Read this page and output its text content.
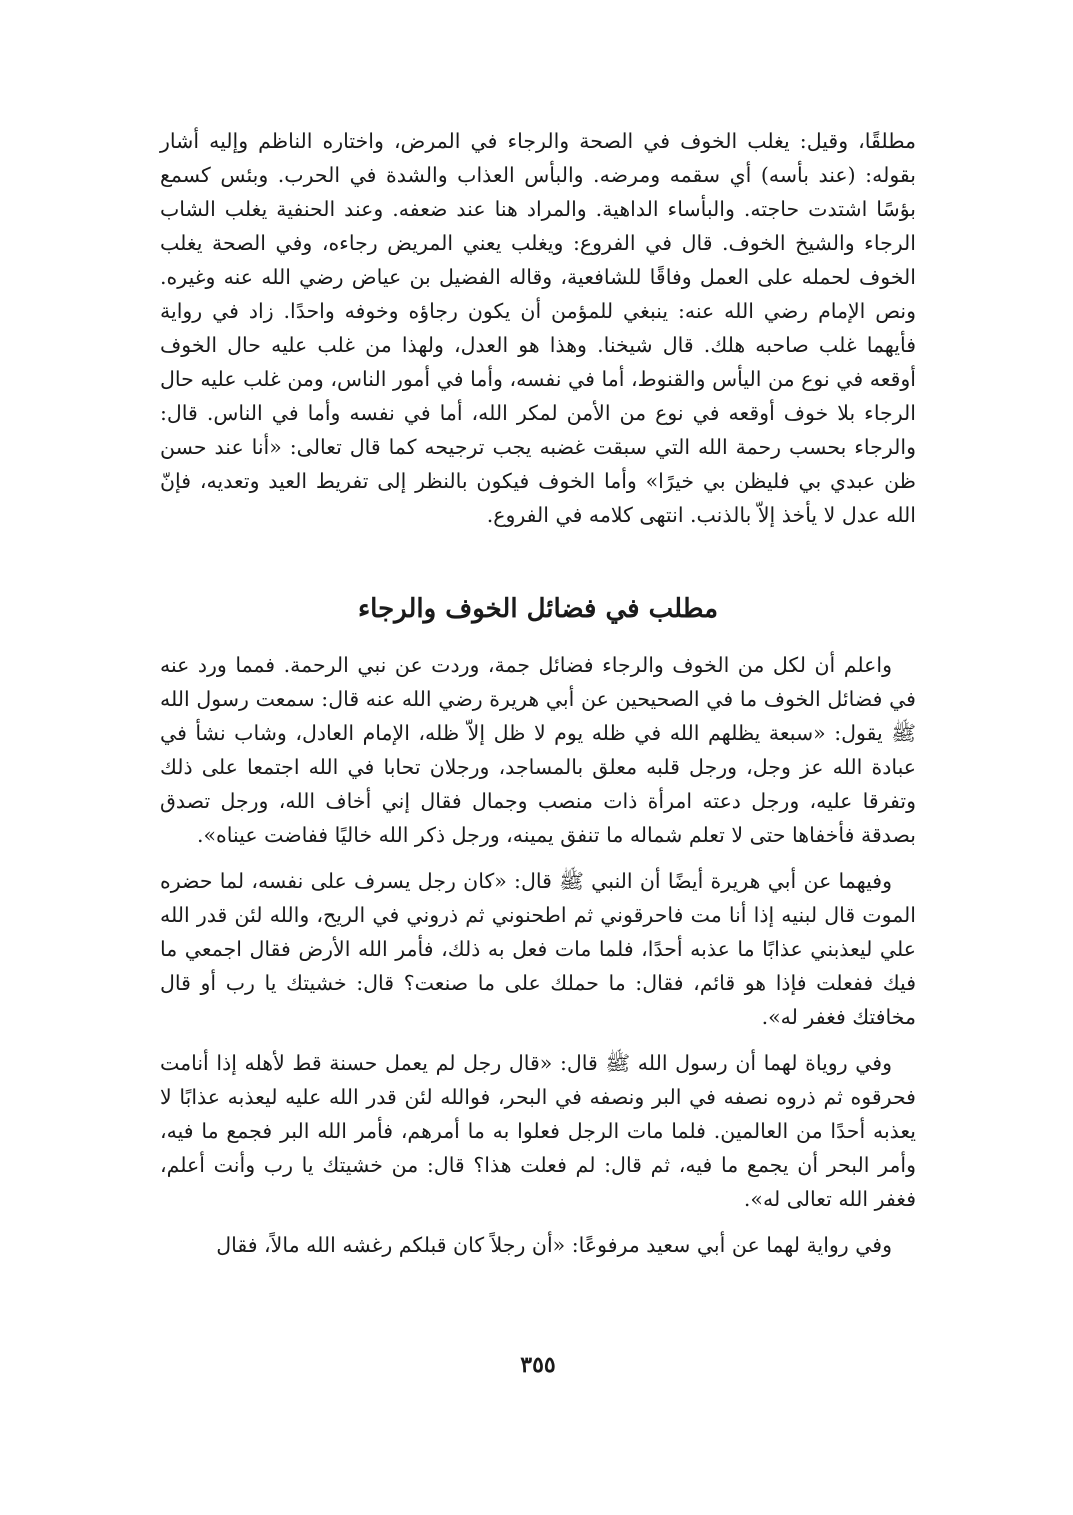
مطلقًا، وقيل: يغلب الخوف في الصحة والرجاء في المرض، واختاره الناظم وإليه أشار بقوله: (عند بأسه) أي سقمه ومرضه. والبأس العذاب والشدة في الحرب. وبئس كسمع بؤسًا اشتدت حاجته. والبأساء الداهية. والمراد هنا عند ضعفه. وعند الحنفية يغلب الشاب الرجاء والشيخ الخوف. قال في الفروع: ويغلب يعني المريض رجاءه، وفي الصحة يغلب الخوف لحمله على العمل وفاقًا للشافعية، وقاله الفضيل بن عياض رضي الله عنه وغيره. ونص الإمام رضي الله عنه: ينبغي للمؤمن أن يكون رجاؤه وخوفه واحدًا. زاد في رواية فأيهما غلب صاحبه هلك. قال شيخنا. وهذا هو العدل، ولهذا من غلب عليه حال الخوف أوقعه في نوع من اليأس والقنوط، أما في نفسه، وأما في أمور الناس، ومن غلب عليه حال الرجاء بلا خوف أوقعه في نوع من الأمن لمكر الله، أما في نفسه وأما في الناس. قال: والرجاء بحسب رحمة الله التي سبقت غضبه يجب ترجيحه كما قال تعالى: «أنا عند حسن ظن عبدي بي فليظن بي خيرًا» وأما الخوف فيكون بالنظر إلى تفريط العيد وتعديه، فإنّ الله عدل لا يأخذ إلاّ بالذنب. انتهى كلامه في الفروع.

مطلب في فضائل الخوف والرجاء

واعلم أن لكل من الخوف والرجاء فضائل جمة، وردت عن نبي الرحمة. فمما ورد عنه في فضائل الخوف ما في الصحيحين عن أبي هريرة رضي الله عنه قال: سمعت رسول الله ﷺ يقول: «سبعة يظلهم الله في ظله يوم لا ظل إلاّ ظله، الإمام العادل، وشاب نشأ في عبادة الله عز وجل، ورجل قلبه معلق بالمساجد، ورجلان تحابا في الله اجتمعا على ذلك وتفرقا عليه، ورجل دعته امرأة ذات منصب وجمال فقال إني أخاف الله، ورجل تصدق بصدقة فأخفاها حتى لا تعلم شماله ما تنفق يمينه، ورجل ذكر الله خاليًا ففاضت عيناه».

وفيهما عن أبي هريرة أيضًا أن النبي ﷺ قال: «كان رجل يسرف على نفسه، لما حضره الموت قال لبنيه إذا أنا مت فاحرقوني ثم اطحنوني ثم ذروني في الريح، والله لئن قدر الله علي ليعذبني عذابًا ما عذبه أحدًا، فلما مات فعل به ذلك، فأمر الله الأرض فقال اجمعي ما فيك ففعلت فإذا هو قائم، فقال: ما حملك على ما صنعت؟ قال: خشيتك يا رب أو قال مخافتك فغفر له».

وفي روياة لهما أن رسول الله ﷺ قال: «قال رجل لم يعمل حسنة قط لأهله إذا أنامت فحرقوه ثم ذروه نصفه في البر ونصفه في البحر، فوالله لئن قدر الله عليه ليعذبه عذابًا لا يعذبه أحدًا من العالمين. فلما مات الرجل فعلوا به ما أمرهم، فأمر الله البر فجمع ما فيه، وأمر البحر أن يجمع ما فيه، ثم قال: لم فعلت هذا؟ قال: من خشيتك يا رب وأنت أعلم، فغفر الله تعالى له».

وفي رواية لهما عن أبي سعيد مرفوعًا: «أن رجلاً كان قبلكم رغشه الله مالاً، فقال

٣٥٥
